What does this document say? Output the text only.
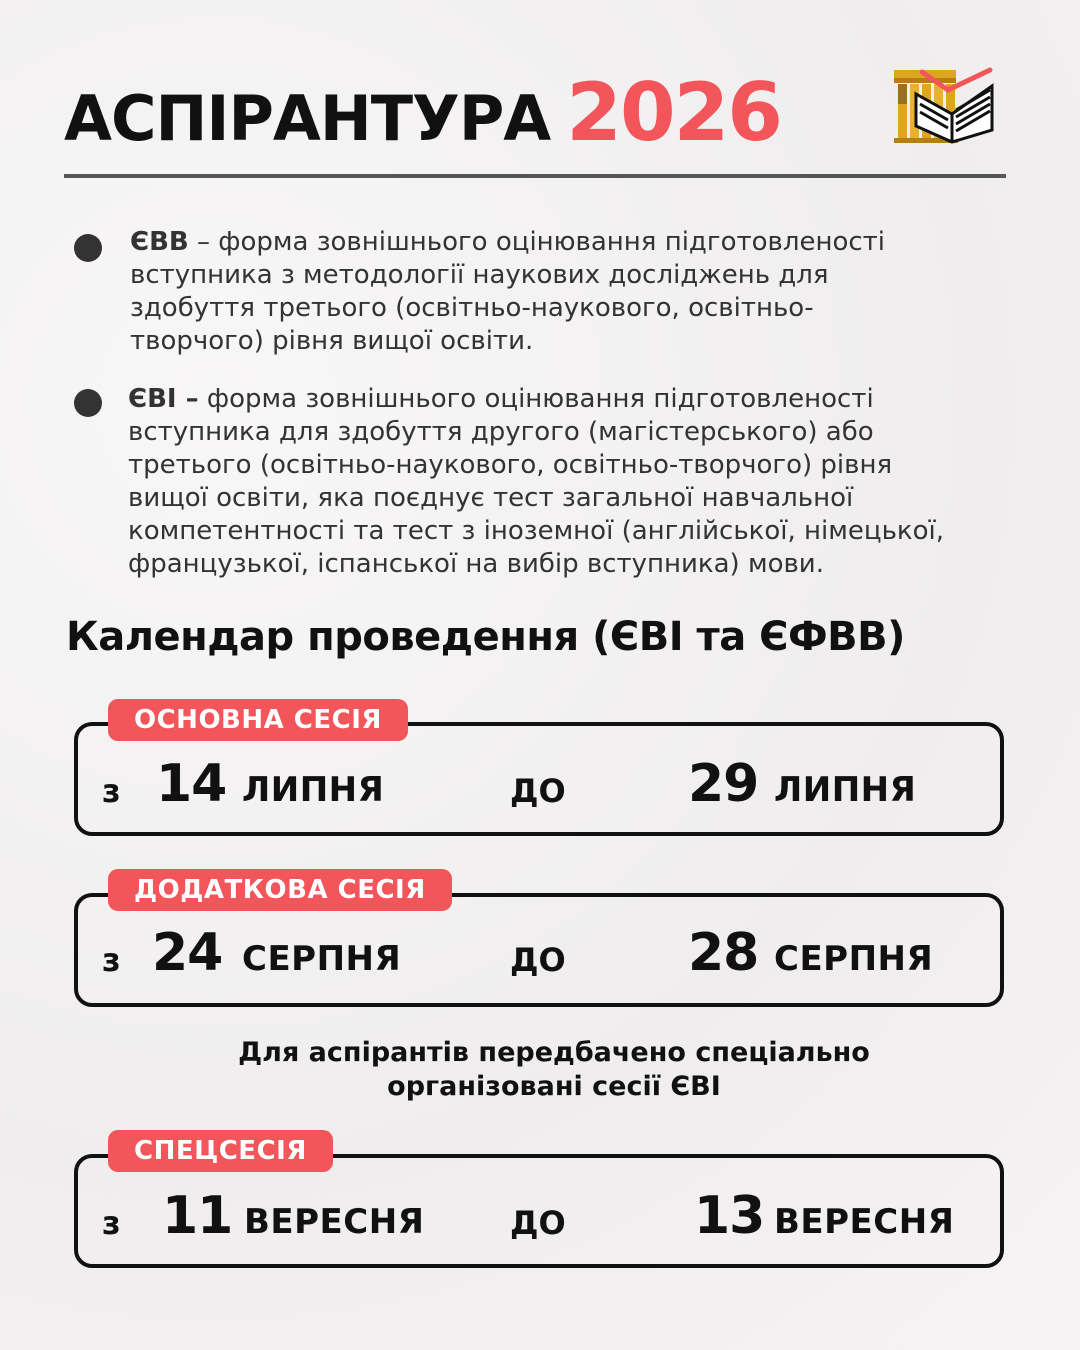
АСПІРАНТУРА 2026
ЄВВ – форма зовнішнього оцінювання підготовленості
вступника з методології наукових досліджень для
здобуття третього (освітньо-наукового, освітньо-
творчого) рівня вищої освіти.
ЄВІ – форма зовнішнього оцінювання підготовленості
вступника для здобуття другого (магістерського) або
третього (освітньо-наукового, освітньо-творчого) рівня
вищої освіти, яка поєднує тест загальної навчальної
компетентності та тест з іноземної (англійської, німецької,
французької, іспанської на вибір вступника) мови.
Календар проведення (ЄВІ та ЄФВВ)
з 14 ЛИПНЯ	ДО 29 ЛИПНЯ
ОСНОВНА СЕСІЯ
з 24 СЕРПНЯ	ДО 28 СЕРПНЯ
ДОДАТКОВА СЕСІЯ
Для аспірантів передбачено спеціально
організовані сесії ЄВІ
з 11 ВЕРЕСНЯ	ДО 13 ВЕРЕСНЯ
СПЕЦСЕСІЯ
